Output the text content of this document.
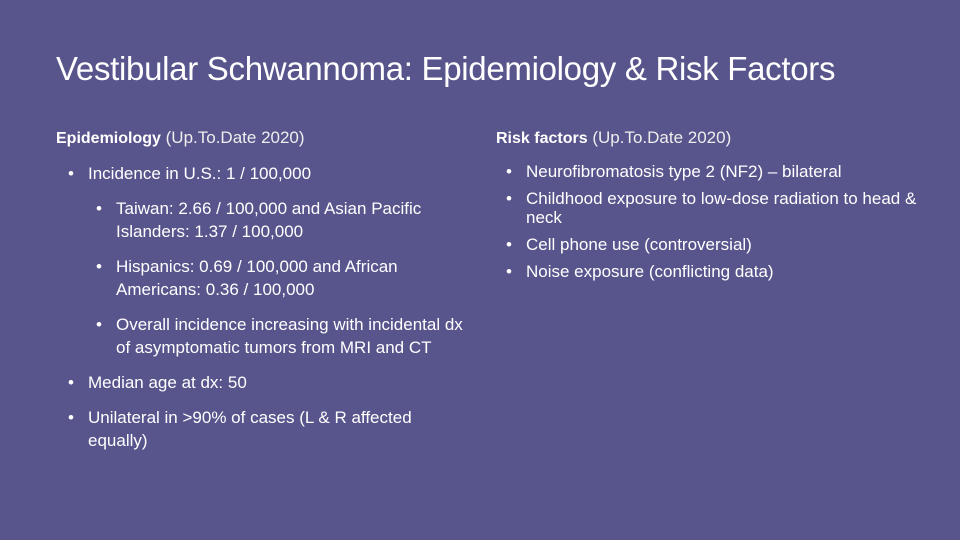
Vestibular Schwannoma: Epidemiology & Risk Factors
Epidemiology (Up.To.Date 2020)
• Incidence in U.S.: 1 / 100,000
• Taiwan: 2.66 / 100,000 and Asian Pacific Islanders: 1.37 / 100,000
• Hispanics: 0.69 / 100,000 and African Americans: 0.36 / 100,000
• Overall incidence increasing with incidental dx of asymptomatic tumors from MRI and CT
• Median age at dx: 50
• Unilateral in >90% of cases (L & R affected equally)
Risk factors (Up.To.Date 2020)
• Neurofibromatosis type 2 (NF2) – bilateral
• Childhood exposure to low-dose radiation to head & neck
• Cell phone use (controversial)
• Noise exposure (conflicting data)
